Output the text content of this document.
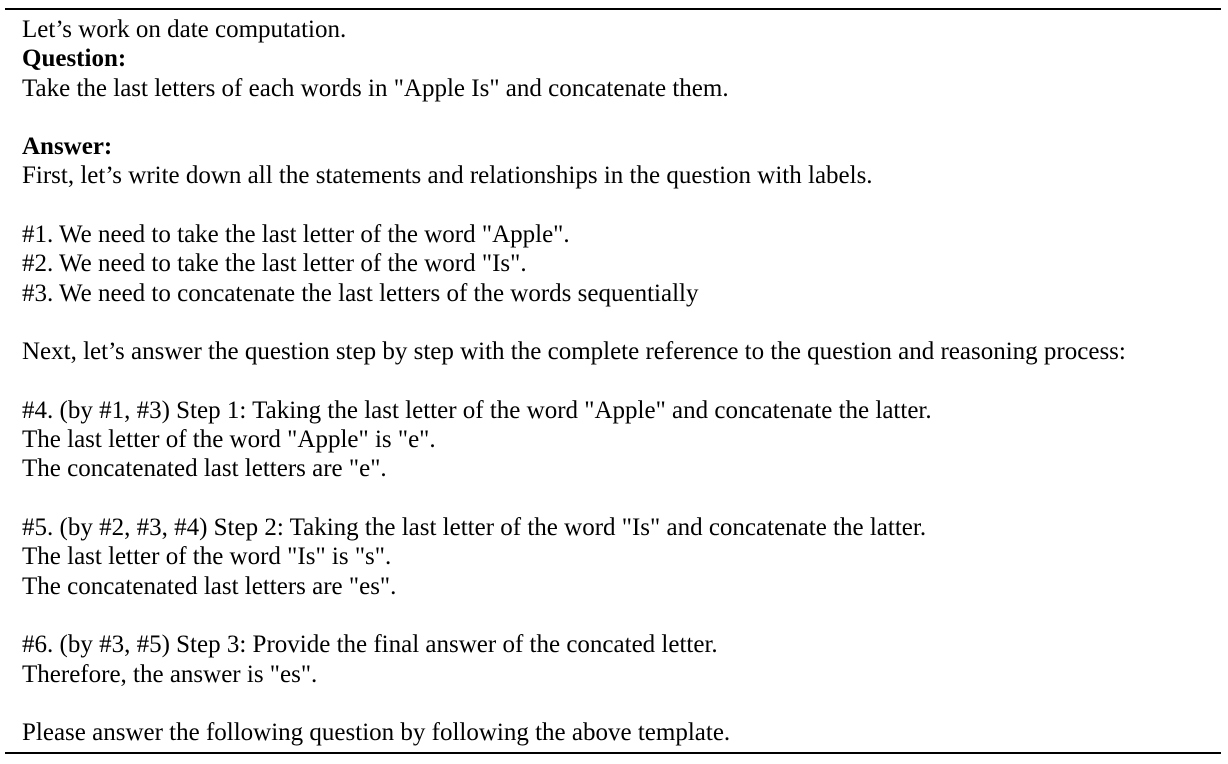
Let’s work on date computation.
Question:
Take the last letters of each words in "Apple Is" and concatenate them.
Answer:
First, let’s write down all the statements and relationships in the question with labels.
#1. We need to take the last letter of the word "Apple".
#2. We need to take the last letter of the word "Is".
#3. We need to concatenate the last letters of the words sequentially
Next, let’s answer the question step by step with the complete reference to the question and reasoning process:
#4. (by #1, #3) Step 1: Taking the last letter of the word "Apple" and concatenate the latter.
The last letter of the word "Apple" is "e".
The concatenated last letters are "e".
#5. (by #2, #3, #4) Step 2: Taking the last letter of the word "Is" and concatenate the latter.
The last letter of the word "Is" is "s".
The concatenated last letters are "es".
#6. (by #3, #5) Step 3: Provide the final answer of the concated letter.
Therefore, the answer is "es".
Please answer the following question by following the above template.
